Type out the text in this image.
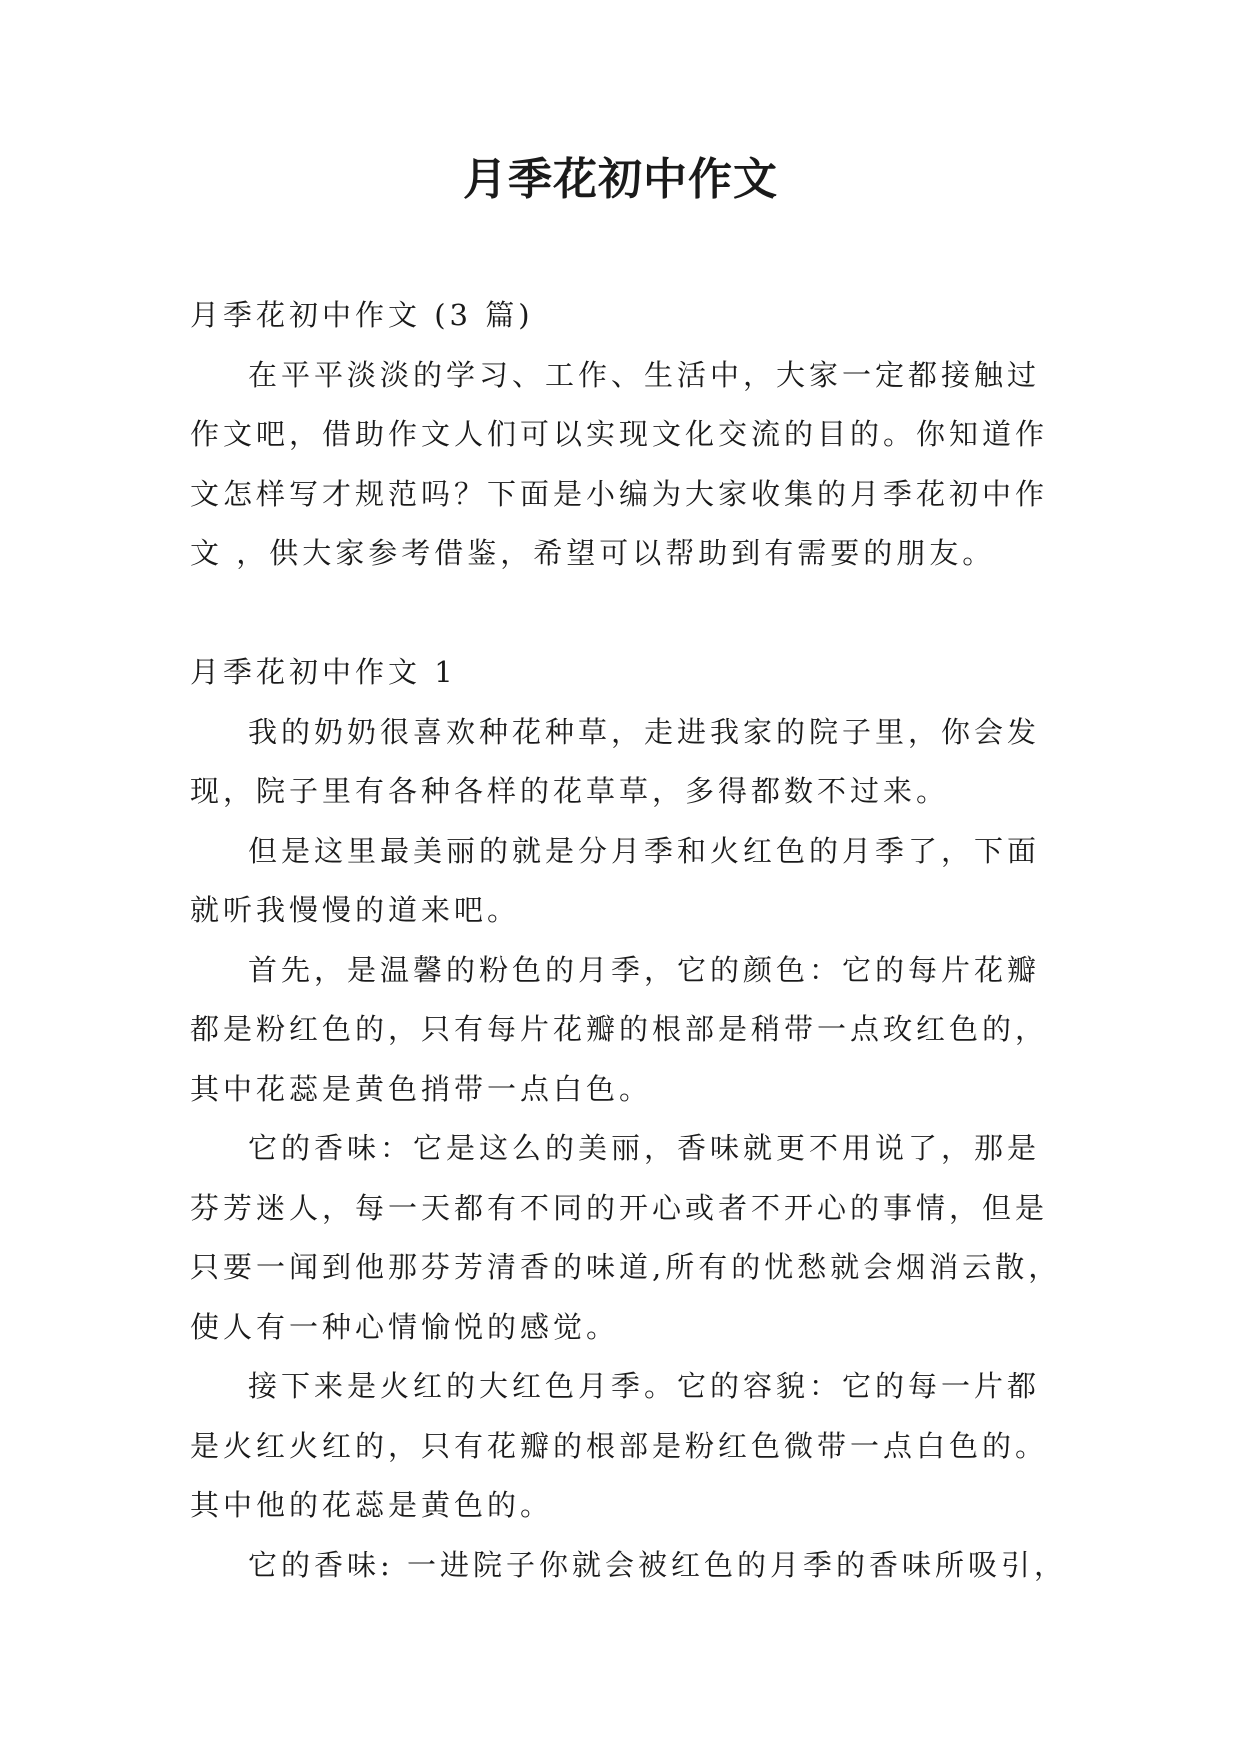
月季花初中作文

月季花初中作文 (3 篇)

在平平淡淡的学习、工作、生活中，大家一定都接触过作文吧，借助作文人们可以实现文化交流的目的。你知道作文怎样写才规范吗？下面是小编为大家收集的月季花初中作文 ，供大家参考借鉴，希望可以帮助到有需要的朋友。

月季花初中作文 1

我的奶奶很喜欢种花种草，走进我家的院子里，你会发现，院子里有各种各样的花草草，多得都数不过来。

但是这里最美丽的就是分月季和火红色的月季了，下面就听我慢慢的道来吧。

首先，是温馨的粉色的月季，它的颜色：它的每片花瓣都是粉红色的，只有每片花瓣的根部是稍带一点玫红色的，其中花蕊是黄色捎带一点白色。

它的香味：它是这么的美丽，香味就更不用说了，那是芬芳迷人，每一天都有不同的开心或者不开心的事情，但是只要一闻到他那芬芳清香的味道,所有的忧愁就会烟消云散，使人有一种心情愉悦的感觉。

接下来是火红的大红色月季。它的容貌：它的每一片都是火红火红的，只有花瓣的根部是粉红色微带一点白色的。其中他的花蕊是黄色的。

它的香味: 一进院子你就会被红色的月季的香味所吸引，
